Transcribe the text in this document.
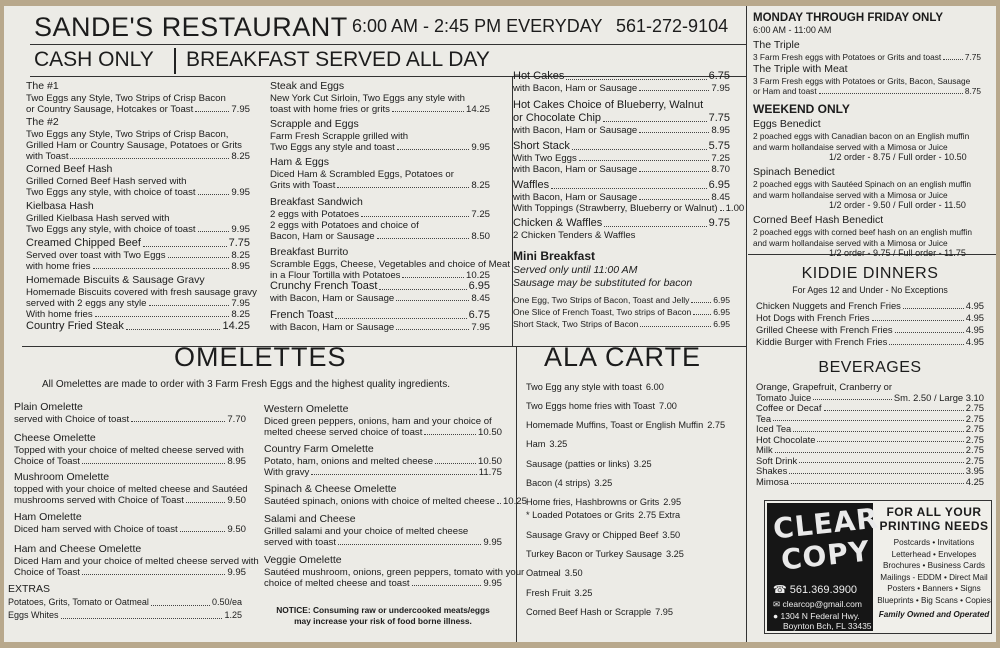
SANDE'S RESTAURANT 6:00 AM - 2:45 PM EVERYDAY 561-272-9104
CASH ONLY BREAKFAST SERVED ALL DAY
The #1
Two Eggs any Style, Two Strips of Crisp Bacon
or Country Sausage, Hotcakes or Toast	7.95
The #2
Two Eggs any Style, Two Strips of Crisp Bacon,
Grilled Ham or Country Sausage, Potatoes or Grits
with Toast	8.25
Corned Beef Hash
Grilled Corned Beef Hash served with
Two Eggs any style, with choice of toast	9.95
Kielbasa Hash
Grilled Kielbasa Hash served with
Two Eggs any style, with choice of toast	9.95
Creamed Chipped Beef	7.75
Served over toast with Two Eggs	8.25
with home fries	8.95
Homemade Biscuits & Sausage Gravy
Homemade Biscuits covered with fresh sausage gravy
served with 2 eggs any style	7.95
With home fries	8.25
Country Fried Steak	14.25
Steak and Eggs
New York Cut Sirloin, Two Eggs any style with
toast with home fries or grits	14.25
Scrapple and Eggs
Farm Fresh Scrapple grilled with
Two Eggs any style and toast	9.95
Ham & Eggs
Diced Ham & Scrambled Eggs, Potatoes or
Grits with Toast	8.25
Breakfast Sandwich
2 eggs with Potatoes	7.25
2 eggs with Potatoes and choice of
Bacon, Ham or Sausage	8.50
Breakfast Burrito
Scramble Eggs, Cheese, Vegetables and choice of Meat
in a Flour Tortilla with Potatoes	10.25
Crunchy French Toast	6.95
with Bacon, Ham or Sausage	8.45
French Toast	6.75
with Bacon, Ham or Sausage	7.95
Hot Cakes	6.75
with Bacon, Ham or Sausage	7.95
Hot Cakes Choice of Blueberry, Walnut
or Chocolate Chip	7.75
with Bacon, Ham or Sausage	8.95
Short Stack	5.75
With Two Eggs	7.25
with Bacon, Ham or Sausage	8.70
Waffles	6.95
with Bacon, Ham or Sausage	8.45
With Toppings (Strawberry, Blueberry or Walnut) 1.00
Chicken & Waffles	9.75
2 Chicken Tenders & Waffles
Mini Breakfast
Served only until 11:00 AM
Sausage may be substituted for bacon
One Egg, Two Strips of Bacon, Toast and Jelly	6.95
One Slice of French Toast, Two strips of Bacon	6.95
Short Stack, Two Strips of Bacon	6.95
MONDAY THROUGH FRIDAY ONLY
6:00 AM - 11:00 AM
The Triple
3 Farm Fresh eggs with Potatoes or Grits and toast	7.75
The Triple with Meat
3 Farm Fresh eggs with Potatoes or Grits, Bacon, Sausage
or Ham and toast	8.75
WEEKEND ONLY
Eggs Benedict
2 poached eggs with Canadian bacon on an English muffin
and warm hollandaise served with a Mimosa or Juice
1/2 order - 8.75 / Full order - 10.50
Spinach Benedict
2 poached eggs with Sautéed Spinach on an english muffin
and warm hollandaise served with a Mimosa or Juice
1/2 order - 9.50 / Full order - 11.50
Corned Beef Hash Benedict
2 poached eggs with corned beef hash on an english muffin
and warm hollandaise served with a Mimosa or Juice
1/2 order - 9.75 / Full order - 11.75
KIDDIE DINNERS
For Ages 12 and Under - No Exceptions
Chicken Nuggets and French Fries	4.95
Hot Dogs with French Fries	4.95
Grilled Cheese with French Fries	4.95
Kiddie Burger with French Fries	4.95
BEVERAGES
Orange, Grapefruit, Cranberry or
Tomato Juice	Sm. 2.50 / Large 3.10
Coffee or Decaf	2.75
Tea	2.75
Iced Tea	2.75
Hot Chocolate	2.75
Milk	2.75
Soft Drink	2.75
Shakes	3.95
Mimosa	4.25
OMELETTES
All Omelettes are made to order with 3 Farm Fresh Eggs and the highest quality ingredients.
Plain Omelette
served with Choice of toast	7.70
Cheese Omelette
Topped with your choice of melted cheese served with
Choice of Toast	8.95
Mushroom Omelette
topped with your choice of melted cheese and Sautéed
mushrooms served with Choice of Toast	9.50
Ham Omelette
Diced ham served with Choice of toast	9.50
Ham and Cheese Omelette
Diced Ham and your choice of melted cheese served with
Choice of Toast	9.95
Western Omelette
Diced green peppers, onions, ham and your choice of
melted cheese served choice of toast	10.50
Country Farm Omelette
Potato, ham, onions and melted cheese	10.50
With gravy	11.75
Spinach & Cheese Omelette
Sautéed spinach, onions with choice of melted cheese 10.25
Salami and Cheese
Grilled salami and your choice of melted cheese
served with toast	9.95
Veggie Omelette
Sautéed mushroom, onions, green peppers, tomato with your
choice of melted cheese and toast	9.95
EXTRAS
Potatoes, Grits, Tomato or Oatmeal	0.50/ea
Eggs Whites	1.25	NOTICE: Consuming raw or undercooked meats/eggs
may increase your risk of food borne illness.
ALA CARTE
Two Egg any style with toast 6.00
Two Eggs home fries with Toast 7.00
Homemade Muffins, Toast or English Muffin 2.75
Ham 3.25
Sausage (patties or links) 3.25
Bacon (4 strips) 3.25
Home fries, Hashbrowns or Grits 2.95
* Loaded Potatoes or Grits 2.75 Extra
Sausage Gravy or Chipped Beef 3.50
Turkey Bacon or Turkey Sausage 3.25
Oatmeal 3.50
Fresh Fruit 3.25
Corned Beef Hash or Scrapple 7.95
CLEAR
COPY
☎ 561.369.3900
✉ clearcop@gmail.com
● 1304 N Federal Hwy.
Boynton Bch, FL 33435
FOR ALL YOUR
PRINTING NEEDS
Postcards • Invitations
Letterhead • Envelopes
Brochures • Business Cards
Mailings - EDDM • Direct Mail
Posters • Banners • Signs
Blueprints • Big Scans • Copies
Family Owned and Operated
